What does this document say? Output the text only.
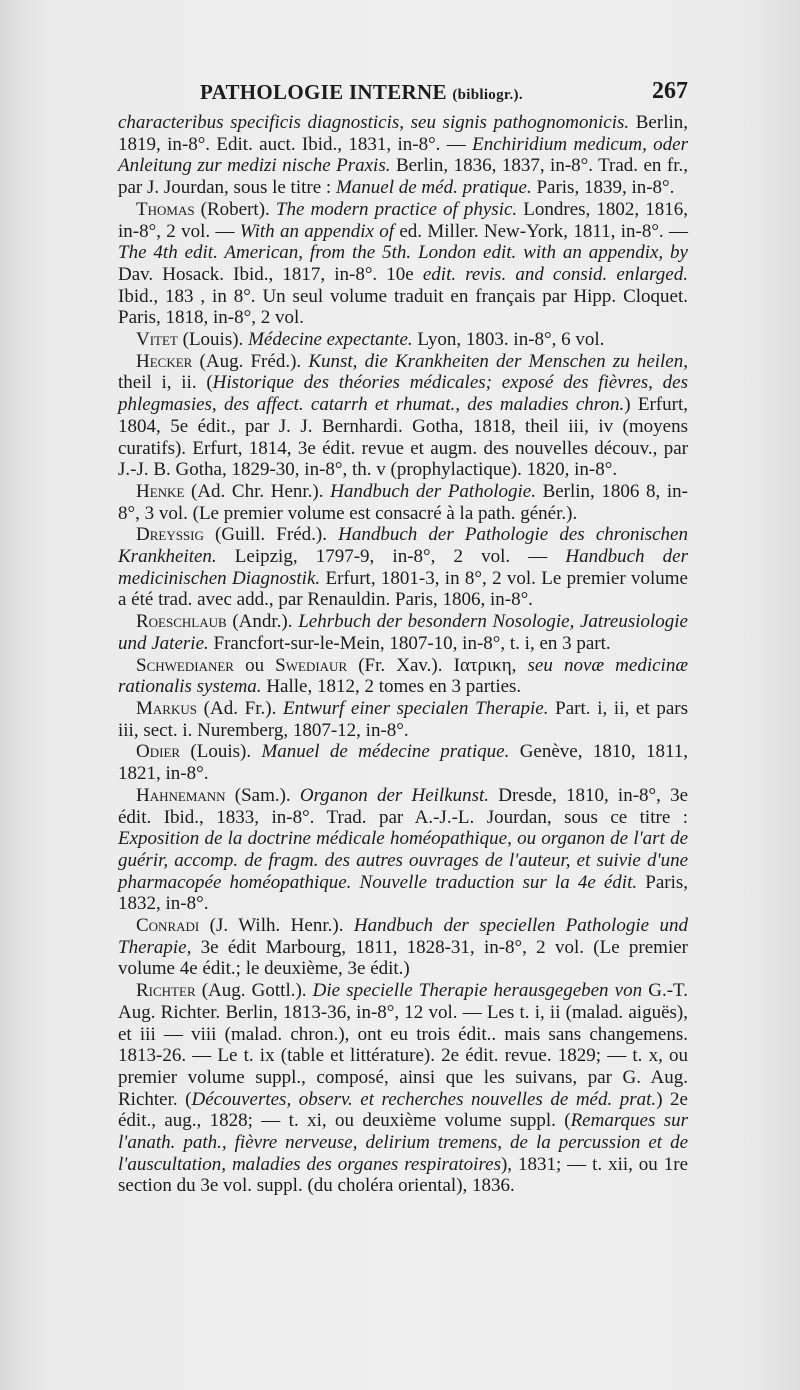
PATHOLOGIE INTERNE (bibliogr.).	267

characteribus specificis diagnosticis, seu signis pathognomonicis. Berlin, 1819, in-8°. Edit. auct. Ibid., 1831, in-8°. — Enchiridium medicum, oder Anleitung zur medizi nische Praxis. Berlin, 1836, 1837, in-8°. Trad. en fr., par J. Jourdan, sous le titre : Manuel de méd. pratique. Paris, 1839, in-8°.

Thomas (Robert). The modern practice of physic. Londres, 1802, 1816, in-8°, 2 vol. — With an appendix of ed. Miller. New-York, 1811, in-8°. — The 4th edit. American, from the 5th. London edit. with an appendix, by Dav. Hosack. Ibid., 1817, in-8°. 10e edit. revis. and consid. enlarged. Ibid., 183 , in 8°. Un seul volume traduit en français par Hipp. Cloquet. Paris, 1818, in-8°, 2 vol.

Vitet (Louis). Médecine expectante. Lyon, 1803. in-8°, 6 vol.

Hecker (Aug. Fréd.). Kunst, die Krankheiten der Menschen zu heilen, theil i, ii. (Historique des théories médicales; exposé des fièvres, des phlegmasies, des affect. catarrh et rhumat., des maladies chron.) Erfurt, 1804, 5e édit., par J. J. Bernhardi. Gotha, 1818, theil iii, iv (moyens curatifs). Erfurt, 1814, 3e édit. revue et augm. des nouvelles découv., par J.-J. B. Gotha, 1829-30, in-8°, th. v (prophylactique). 1820, in-8°.

Henke (Ad. Chr. Henr.). Handbuch der Pathologie. Berlin, 1806 8, in-8°, 3 vol. (Le premier volume est consacré à la path. génér.).

Dreyssig (Guill. Fréd.). Handbuch der Pathologie des chronischen Krankheiten. Leipzig, 1797-9, in-8°, 2 vol. — Handbuch der medicinischen Diagnostik. Erfurt, 1801-3, in 8°, 2 vol. Le premier volume a été trad. avec add., par Renauldin. Paris, 1806, in-8°.

Roeschlaub (Andr.). Lehrbuch der besondern Nosologie, Jatreusiologie und Jaterie. Francfort-sur-le-Mein, 1807-10, in-8°, t. i, en 3 part.

Schwedianer ou Swediaur (Fr. Xav.). Ιατρικη, seu novæ medicinæ rationalis systema. Halle, 1812, 2 tomes en 3 parties.

Markus (Ad. Fr.). Entwurf einer specialen Therapie. Part. i, ii, et pars iii, sect. i. Nuremberg, 1807-12, in-8°.

Odier (Louis). Manuel de médecine pratique. Genève, 1810, 1811, 1821, in-8°.

Hahnemann (Sam.). Organon der Heilkunst. Dresde, 1810, in-8°, 3e édit. Ibid., 1833, in-8°. Trad. par A.-J.-L. Jourdan, sous ce titre : Exposition de la doctrine médicale homéopathique, ou organon de l'art de guérir, accomp. de fragm. des autres ouvrages de l'auteur, et suivie d'une pharmacopée homéopathique. Nouvelle traduction sur la 4e édit. Paris, 1832, in-8°.

Conradi (J. Wilh. Henr.). Handbuch der speciellen Pathologie und Therapie, 3e édit Marbourg, 1811, 1828-31, in-8°, 2 vol. (Le premier volume 4e édit.; le deuxième, 3e édit.)

Richter (Aug. Gottl.). Die specielle Therapie herausgegeben von G.-T. Aug. Richter. Berlin, 1813-36, in-8°, 12 vol. — Les t. i, ii (malad. aiguës), et iii — viii (malad. chron.), ont eu trois édit.. mais sans changemens. 1813-26. — Le t. ix (table et littérature). 2e édit. revue. 1829; — t. x, ou premier volume suppl., composé, ainsi que les suivans, par G. Aug. Richter. (Découvertes, observ. et recherches nouvelles de méd. prat.) 2e édit., aug., 1828; — t. xi, ou deuxième volume suppl. (Remarques sur l'anath. path., fièvre nerveuse, delirium tremens, de la percussion et de l'auscultation, maladies des organes respiratoires), 1831; — t. xii, ou 1re section du 3e vol. suppl. (du choléra oriental), 1836.
